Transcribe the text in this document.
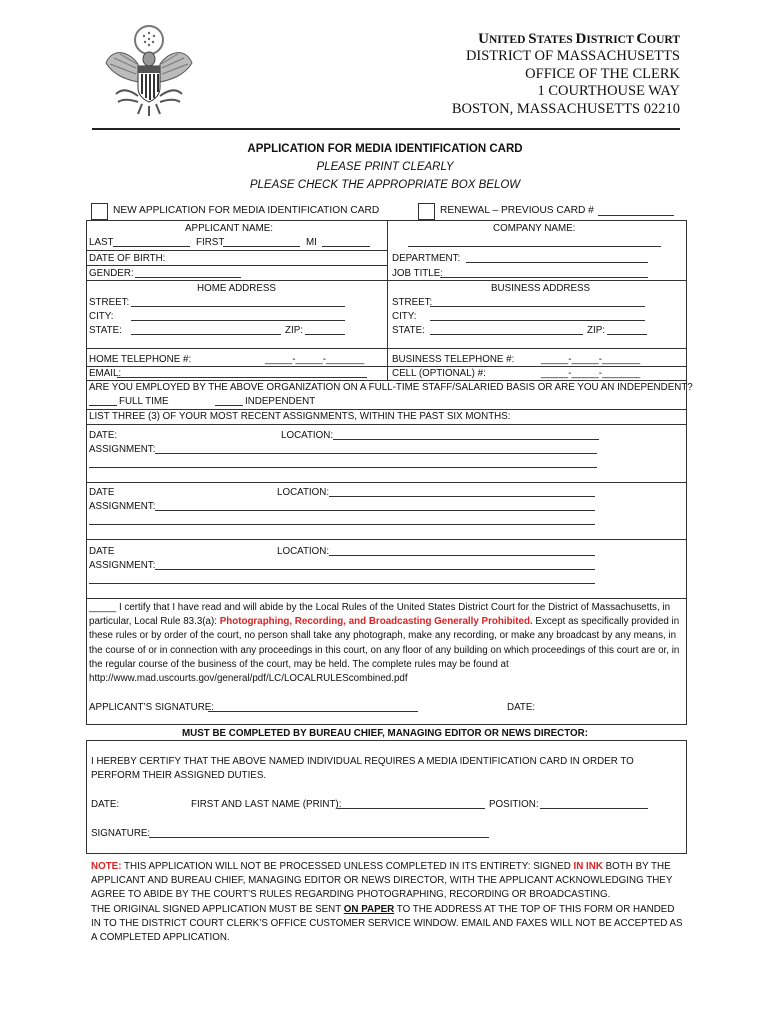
UNITED STATES DISTRICT COURT
DISTRICT OF MASSACHUSETTS
OFFICE OF THE CLERK
1 COURTHOUSE WAY
BOSTON, MASSACHUSETTS 02210
APPLICATION FOR MEDIA IDENTIFICATION CARD
PLEASE PRINT CLEARLY
PLEASE CHECK THE APPROPRIATE BOX BELOW
NEW APPLICATION FOR MEDIA IDENTIFICATION CARD	RENEWAL – PREVIOUS CARD #
APPLICANT NAME:
LAST	FIRST	MI
DATE OF BIRTH:
GENDER:
HOME ADDRESS
STREET:
CITY:
STATE:	ZIP:
HOME TELEPHONE #:	_____-_____-_______
EMAIL:
COMPANY NAME:
DEPARTMENT:
JOB TITLE:
BUSINESS ADDRESS
STREET:
CITY:
STATE:	ZIP:
BUSINESS TELEPHONE #:	_____-_____-_______
CELL (OPTIONAL) #:	_____-_____-_______
ARE YOU EMPLOYED BY THE ABOVE ORGANIZATION ON A FULL-TIME STAFF/SALARIED BASIS OR ARE YOU AN INDEPENDENT?
FULL TIME	INDEPENDENT
LIST THREE (3) OF YOUR MOST RECENT ASSIGNMENTS, WITHIN THE PAST SIX MONTHS:
DATE:	LOCATION:
ASSIGNMENT:
DATE	LOCATION:
ASSIGNMENT:
DATE	LOCATION:
ASSIGNMENT:
_____ I certify that I have read and will abide by the Local Rules of the United States District Court for the District of Massachusetts, in particular, Local Rule 83.3(a): Photographing, Recording, and Broadcasting Generally Prohibited. Except as specifically provided in these rules or by order of the court, no person shall take any photograph, make any recording, or make any broadcast by any means, in the course of or in connection with any proceedings in this court, on any floor of any building on which proceedings of this court are or, in the regular course of the business of the court, may be held. The complete rules may be found at http://www.mad.uscourts.gov/general/pdf/LC/LOCALRULEScombined.pdf
APPLICANT’S SIGNATURE:	DATE:
MUST BE COMPLETED BY BUREAU CHIEF, MANAGING EDITOR OR NEWS DIRECTOR:
I HEREBY CERTIFY THAT THE ABOVE NAMED INDIVIDUAL REQUIRES A MEDIA IDENTIFICATION CARD IN ORDER TO PERFORM THEIR ASSIGNED DUTIES.
DATE:	FIRST AND LAST NAME (PRINT):	POSITION:
SIGNATURE:
NOTE: THIS APPLICATION WILL NOT BE PROCESSED UNLESS COMPLETED IN ITS ENTIRETY: SIGNED IN INK BOTH BY THE APPLICANT AND BUREAU CHIEF, MANAGING EDITOR OR NEWS DIRECTOR, WITH THE APPLICANT ACKNOWLEDGING THEY AGREE TO ABIDE BY THE COURT’S RULES REGARDING PHOTOGRAPHING, RECORDING OR BROADCASTING.
THE ORIGINAL SIGNED APPLICATION MUST BE SENT ON PAPER TO THE ADDRESS AT THE TOP OF THIS FORM OR HANDED IN TO THE DISTRICT COURT CLERK’S OFFICE CUSTOMER SERVICE WINDOW. EMAIL AND FAXES WILL NOT BE ACCEPTED AS A COMPLETED APPLICATION.
